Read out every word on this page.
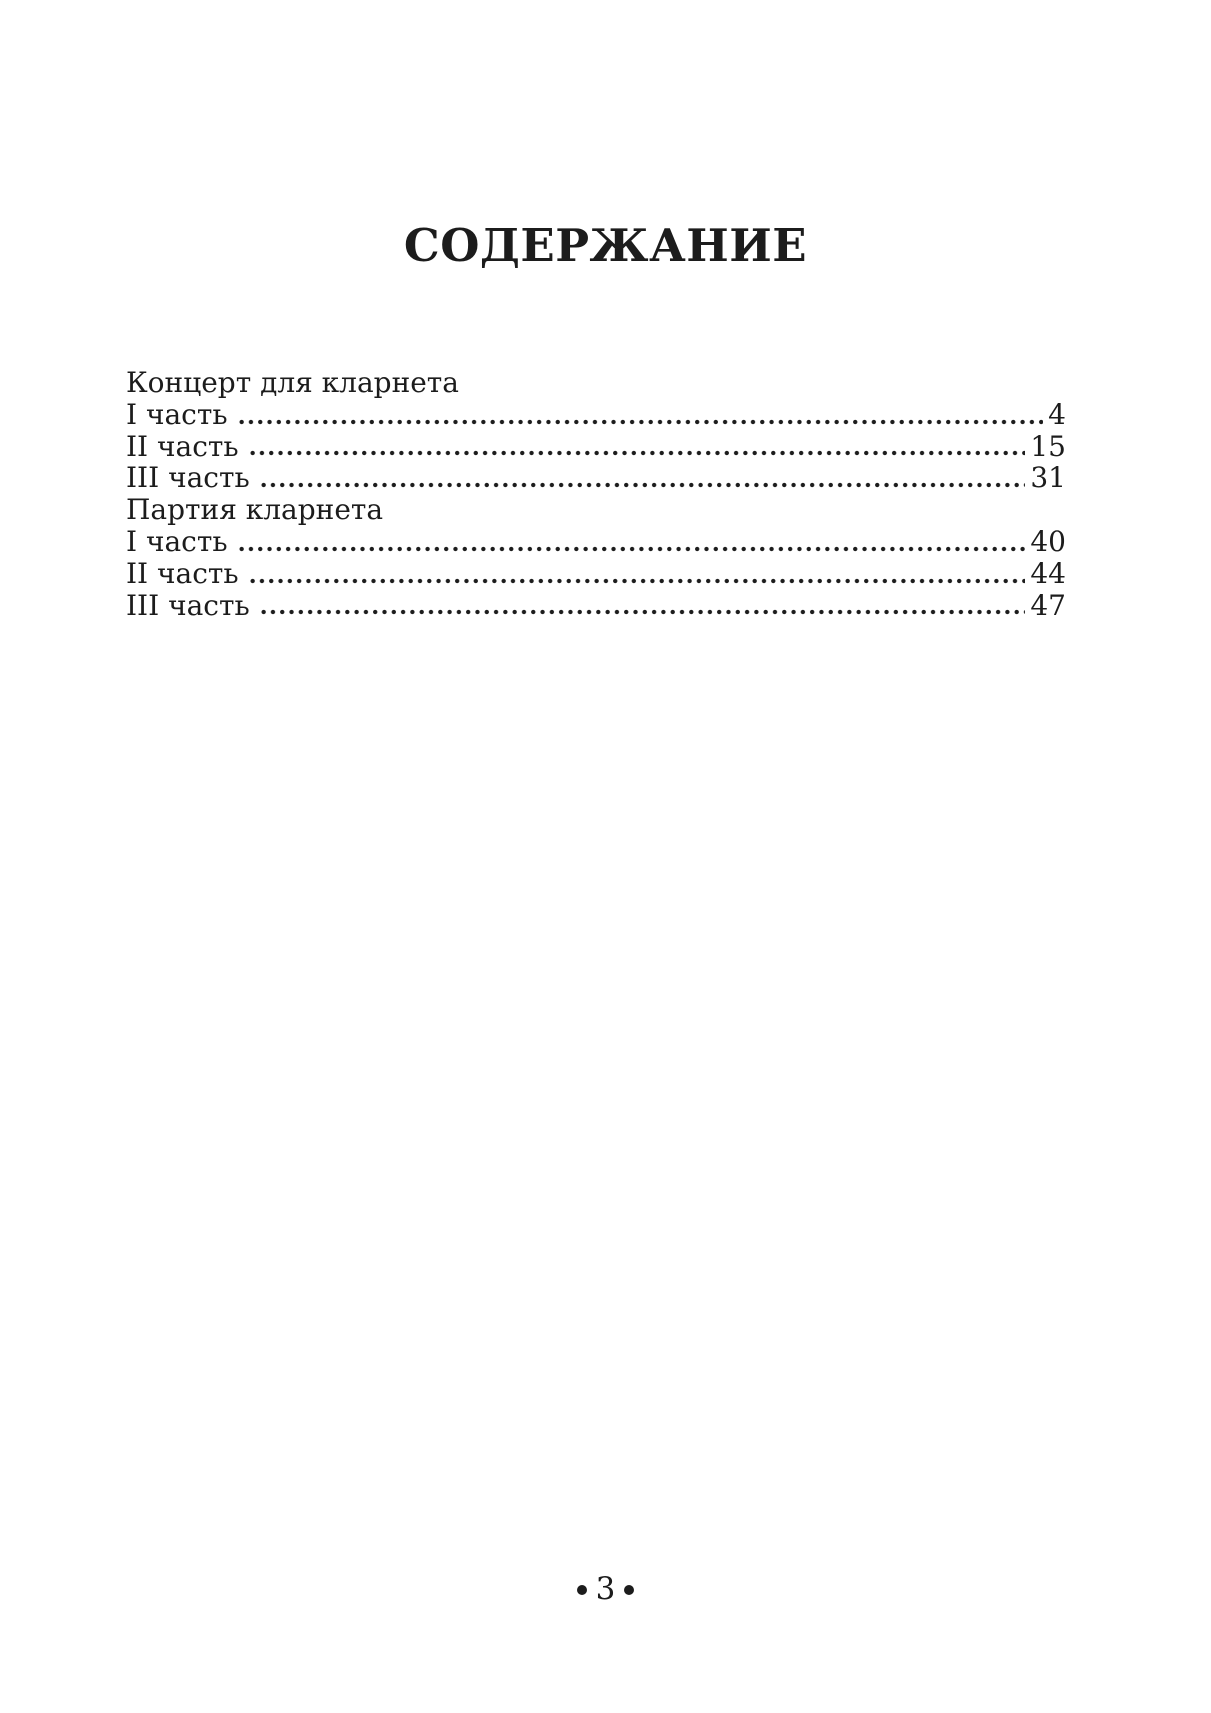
СОДЕРЖАНИЕ
Концерт для кларнета
I часть	4
II часть	15
III часть	31
Партия кларнета
I часть	40
II часть	44
III часть	47
3
